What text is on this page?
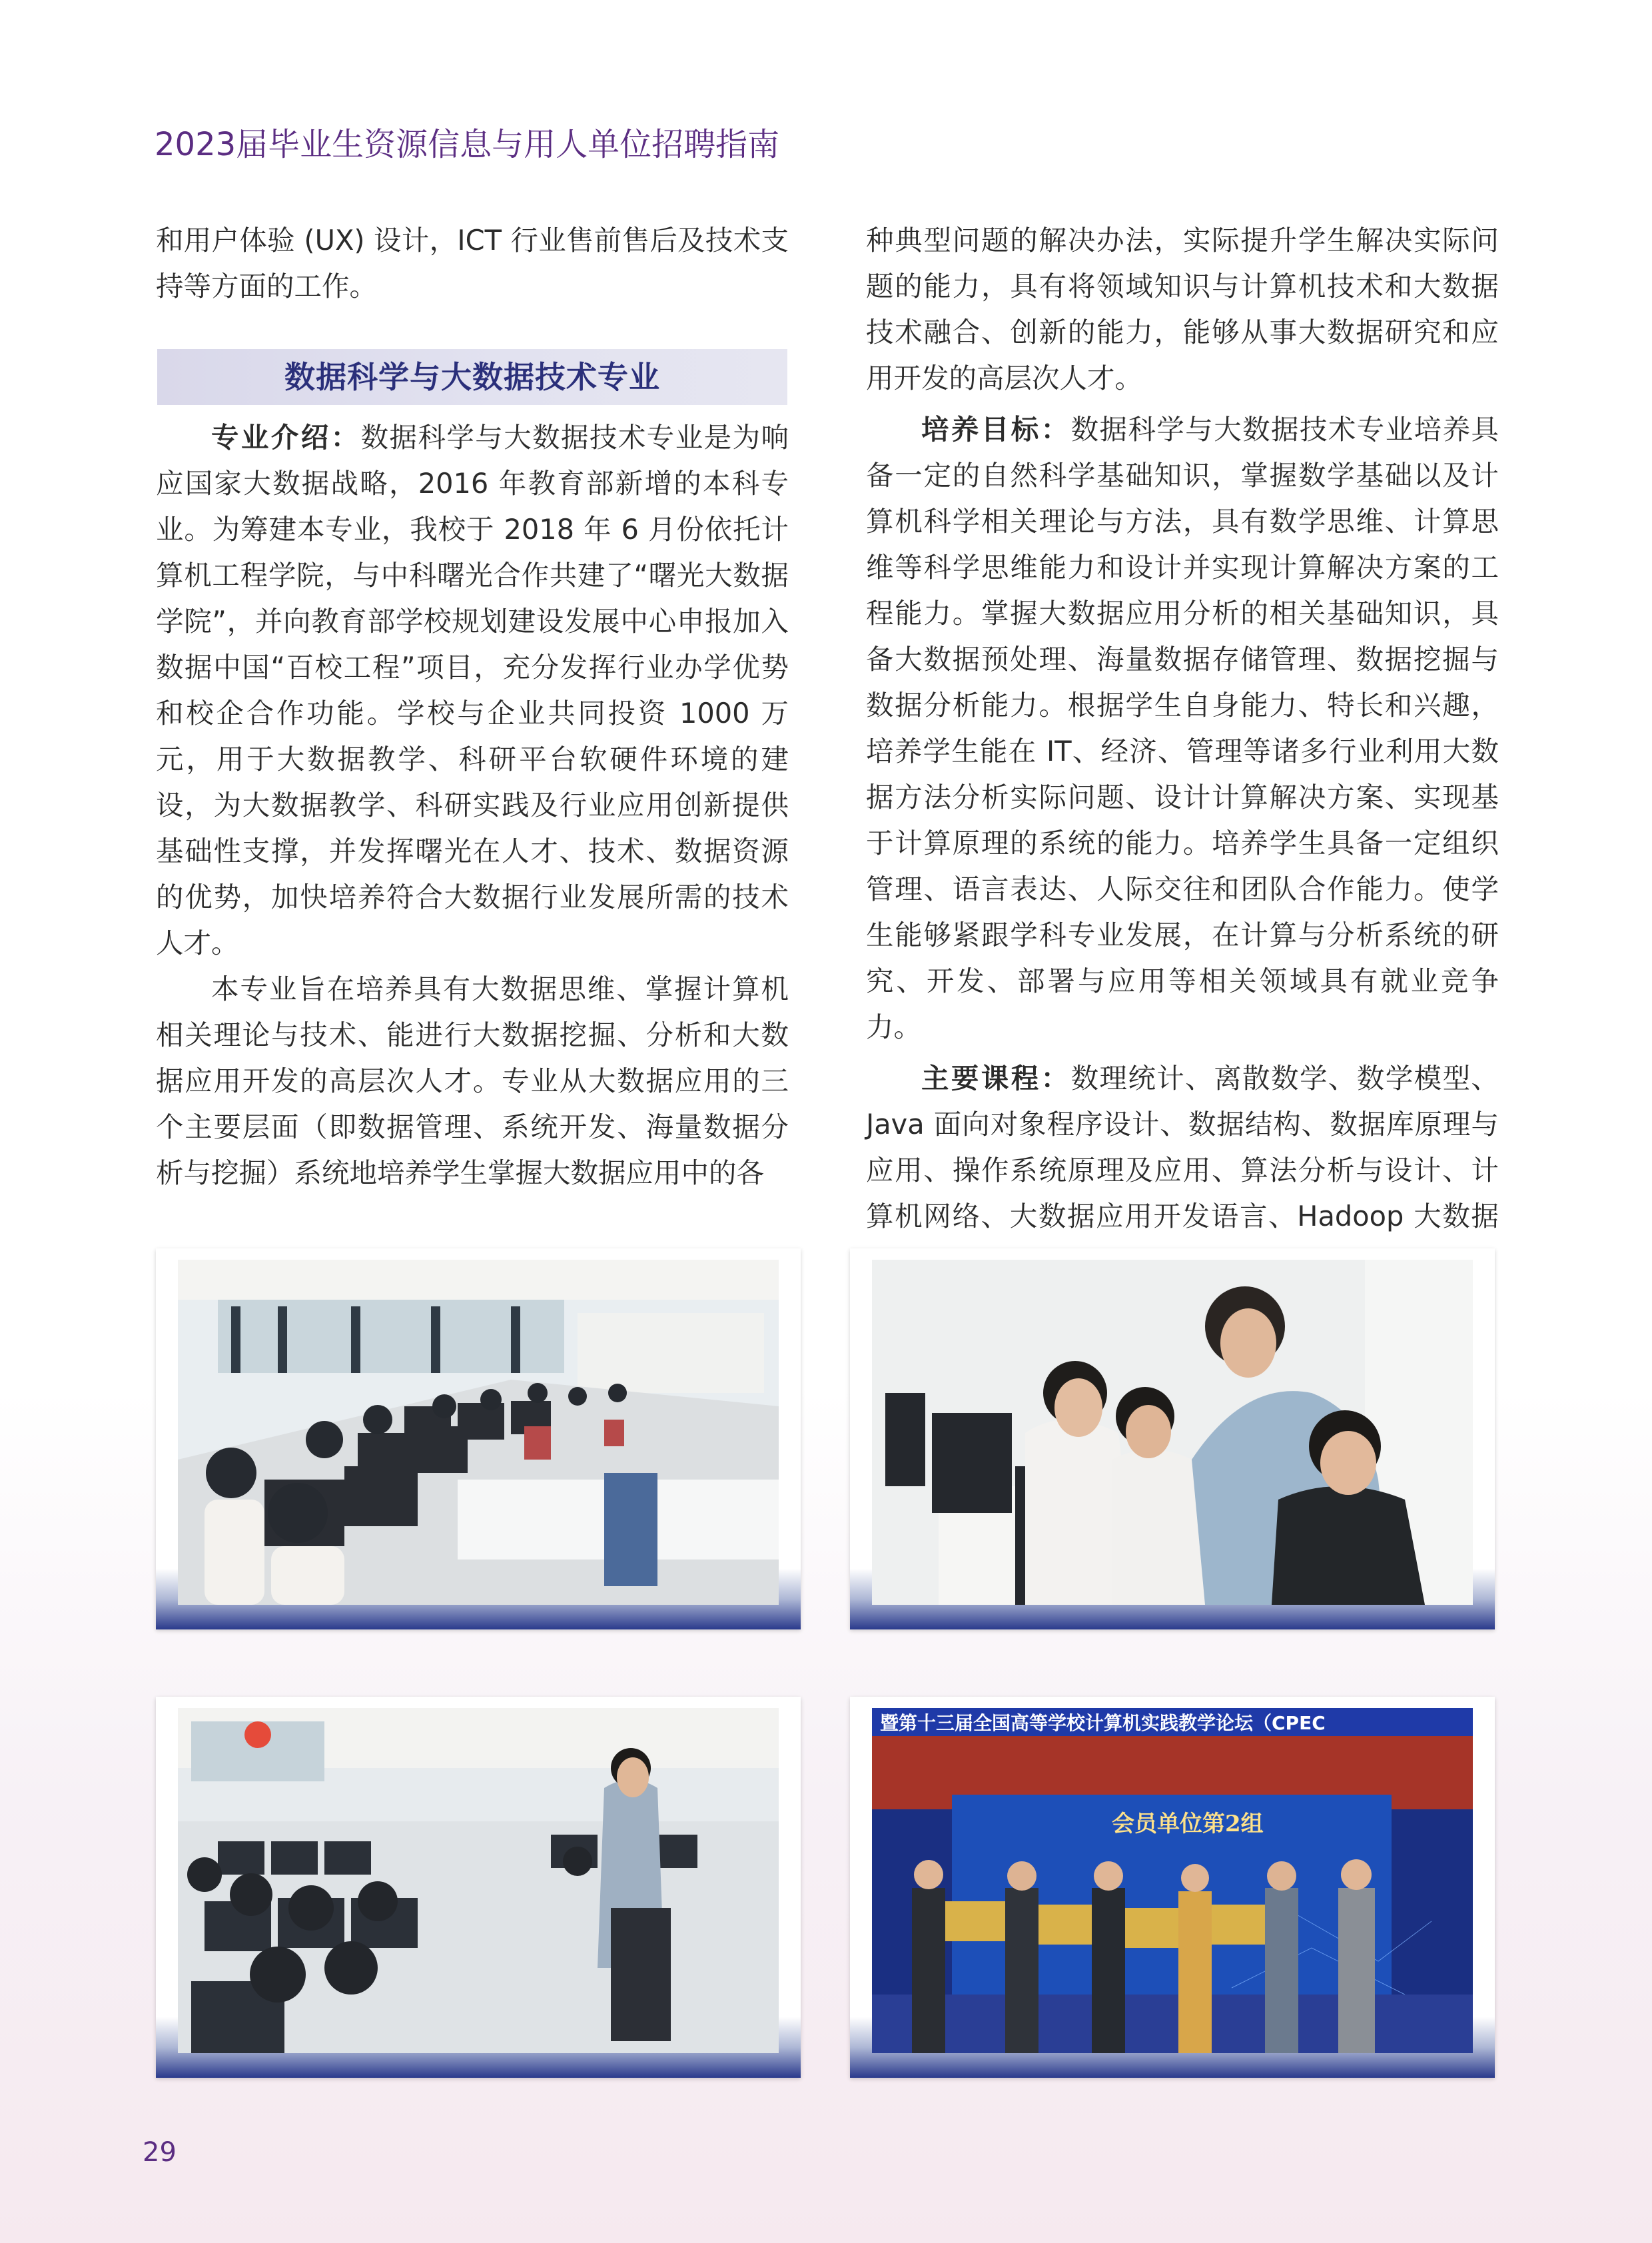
2023届毕业生资源信息与用人单位招聘指南

和用户体验 (UX) 设计，ICT 行业售前售后及技术支持等方面的工作。

数据科学与大数据技术专业

专业介绍：数据科学与大数据技术专业是为响应国家大数据战略，2016 年教育部新增的本科专业。为筹建本专业，我校于 2018 年 6 月份依托计算机工程学院，与中科曙光合作共建了“曙光大数据学院”，并向教育部学校规划建设发展中心申报加入数据中国“百校工程”项目，充分发挥行业办学优势和校企合作功能。学校与企业共同投资 1000 万元，用于大数据教学、科研平台软硬件环境的建设，为大数据教学、科研实践及行业应用创新提供基础性支撑，并发挥曙光在人才、技术、数据资源的优势，加快培养符合大数据行业发展所需的技术人才。

本专业旨在培养具有大数据思维、掌握计算机相关理论与技术、能进行大数据挖掘、分析和大数据应用开发的高层次人才。专业从大数据应用的三个主要层面（即数据管理、系统开发、海量数据分析与挖掘）系统地培养学生掌握大数据应用中的各

种典型问题的解决办法，实际提升学生解决实际问题的能力，具有将领域知识与计算机技术和大数据技术融合、创新的能力，能够从事大数据研究和应用开发的高层次人才。

培养目标：数据科学与大数据技术专业培养具备一定的自然科学基础知识，掌握数学基础以及计算机科学相关理论与方法，具有数学思维、计算思维等科学思维能力和设计并实现计算解决方案的工程能力。掌握大数据应用分析的相关基础知识，具备大数据预处理、海量数据存储管理、数据挖掘与数据分析能力。根据学生自身能力、特长和兴趣，培养学生能在 IT、经济、管理等诸多行业利用大数据方法分析实际问题、设计计算解决方案、实现基于计算原理的系统的能力。培养学生具备一定组织管理、语言表达、人际交往和团队合作能力。使学生能够紧跟学科专业发展，在计算与分析系统的研究、开发、部署与应用等相关领域具有就业竞争力。

主要课程：数理统计、离散数学、数学模型、Java 面向对象程序设计、数据结构、数据库原理与应用、操作系统原理及应用、算法分析与设计、计算机网络、大数据应用开发语言、Hadoop 大数据

暨第十三届全国高等学校计算机实践教学论坛（CPEC
会员单位第2组
29
